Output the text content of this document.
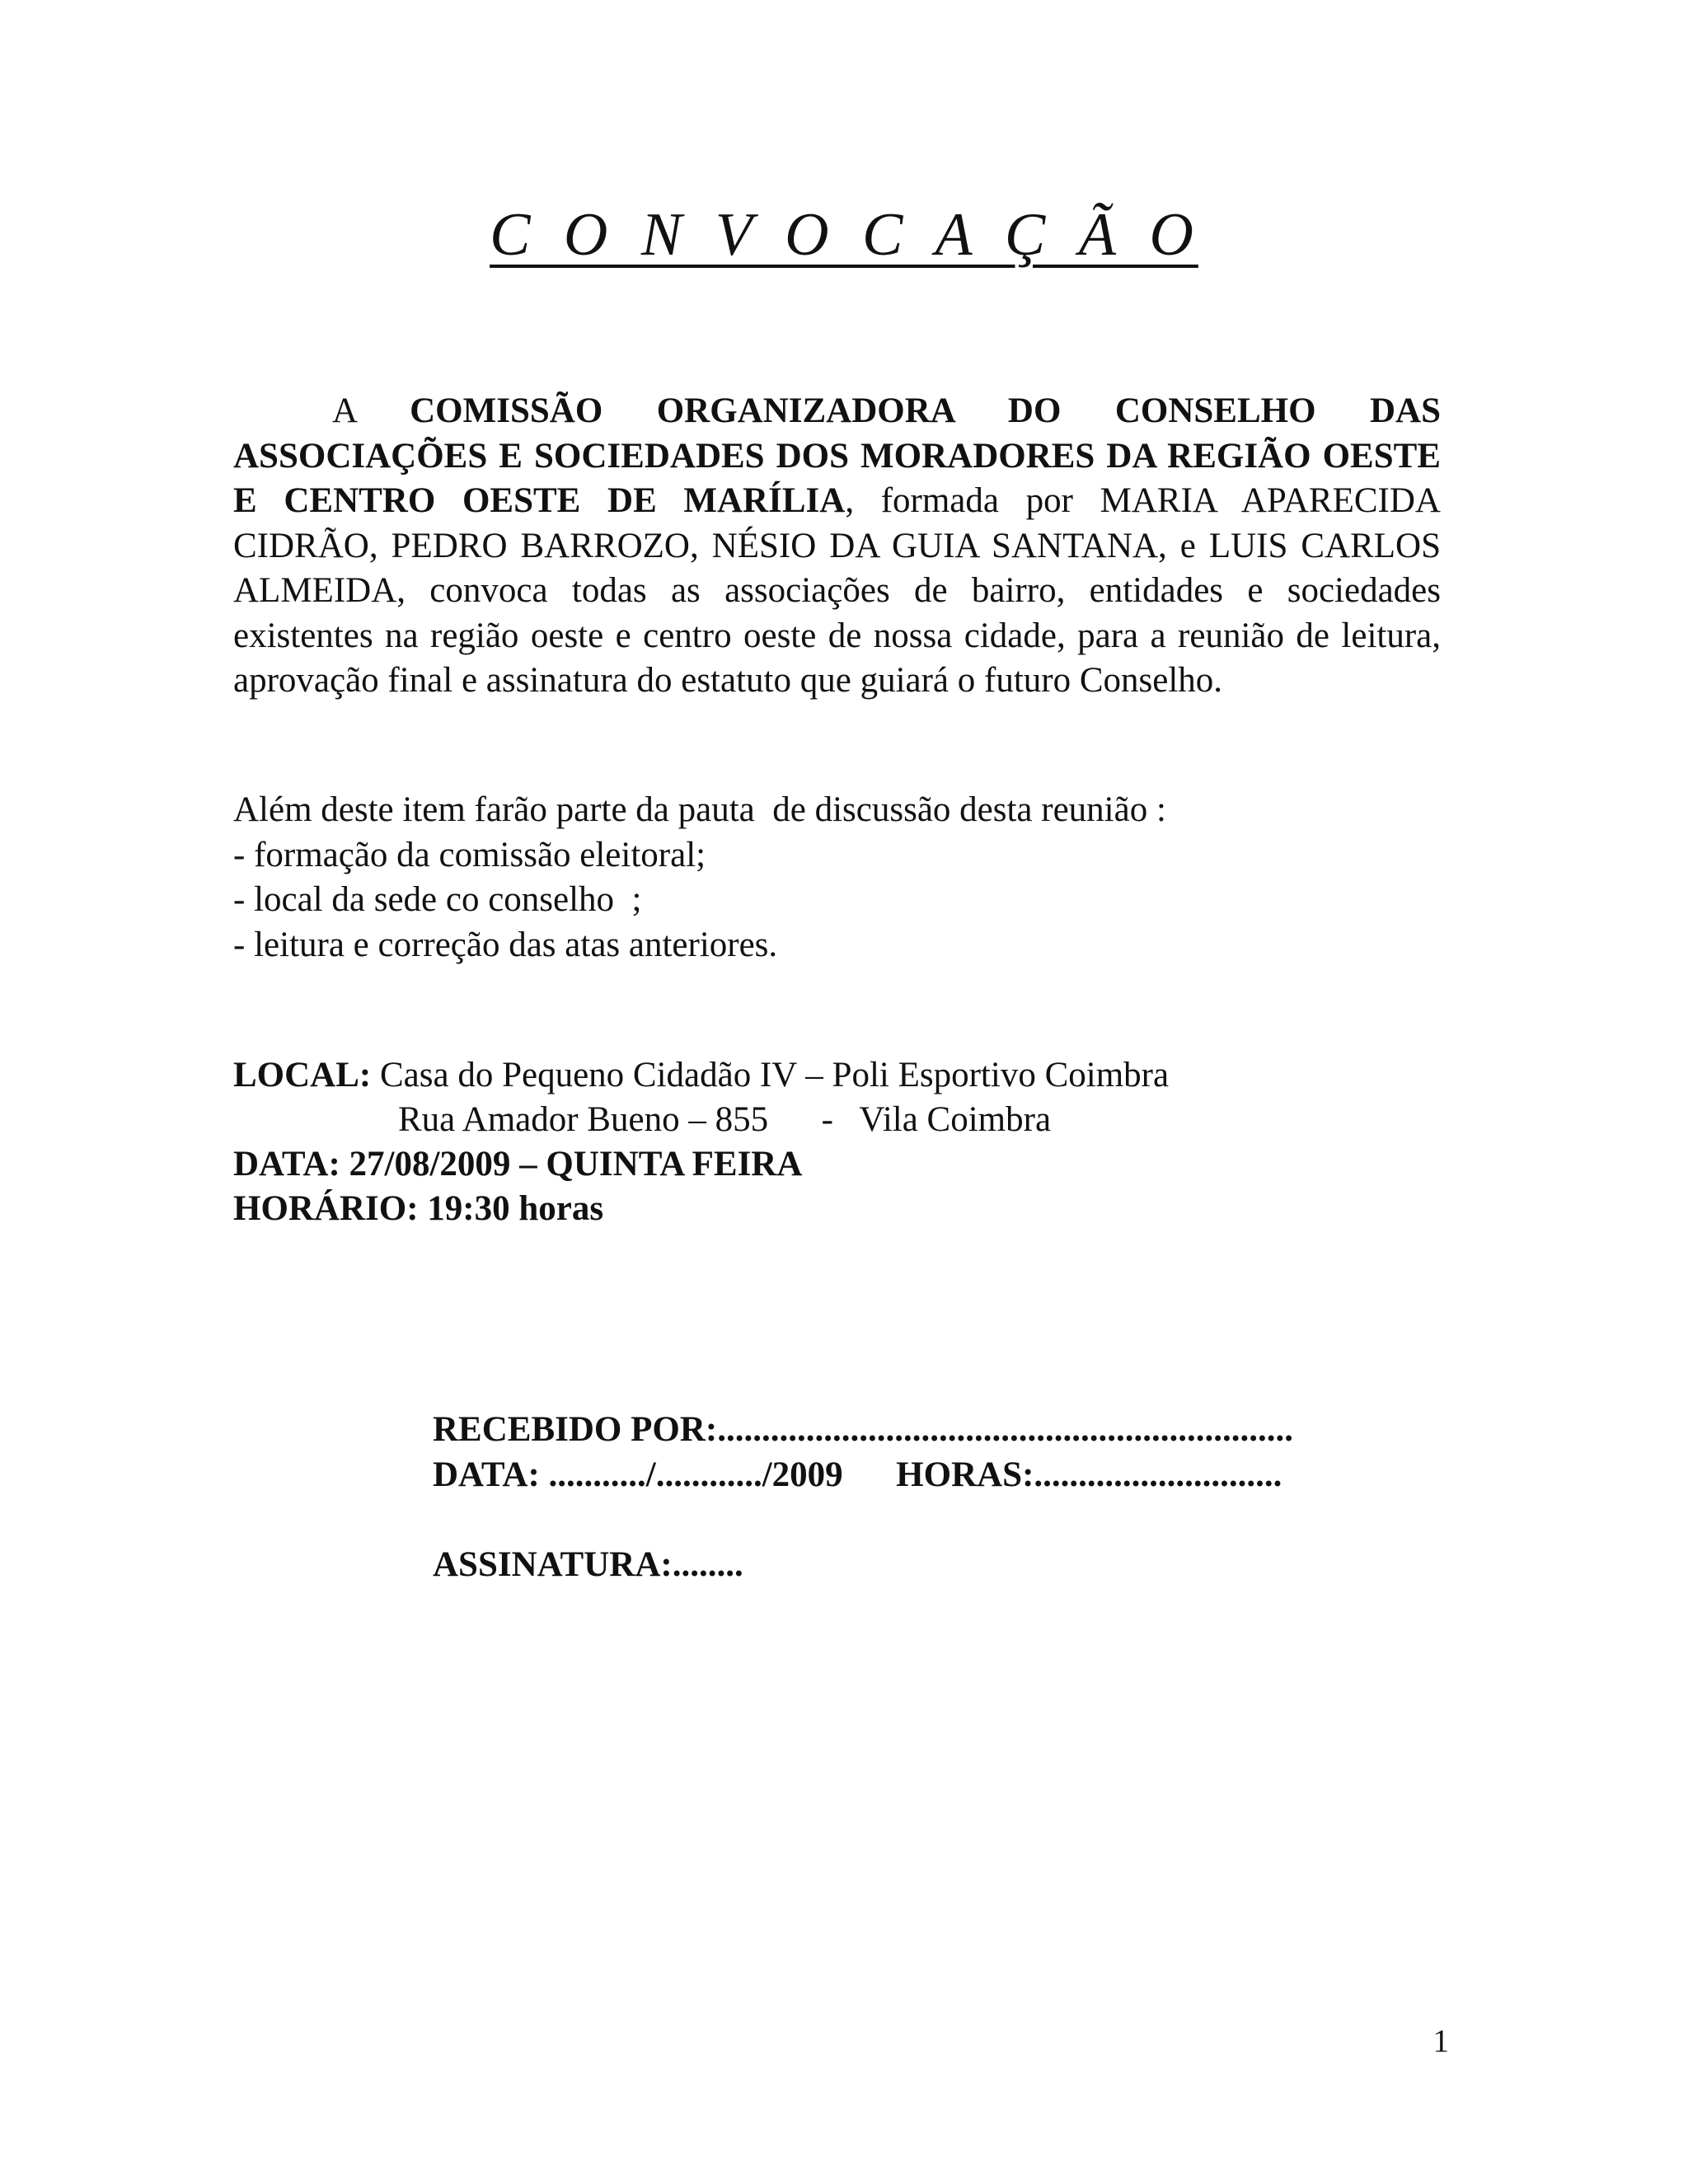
C O N V O C A Ç Ã O

A COMISSÃO ORGANIZADORA DO CONSELHO DAS ASSOCIAÇÕES E SOCIEDADES DOS MORADORES DA REGIÃO OESTE E CENTRO OESTE DE MARÍLIA, formada por MARIA APARECIDA CIDRÃO, PEDRO BARROZO, NÉSIO DA GUIA SANTANA, e LUIS CARLOS ALMEIDA, convoca todas as associações de bairro, entidades e sociedades existentes na região oeste e centro oeste de nossa cidade, para a reunião de leitura, aprovação final e assinatura do estatuto que guiará o futuro Conselho.

Além deste item farão parte da pauta  de discussão desta reunião :
- formação da comissão eleitoral;
- local da sede co conselho  ;
- leitura e correção das atas anteriores.
LOCAL: Casa do Pequeno Cidadão IV – Poli Esportivo Coimbra
Rua Amador Bueno – 855      -   Vila Coimbra
DATA: 27/08/2009 – QUINTA FEIRA
HORÁRIO: 19:30 horas
RECEBIDO POR:.................................................................
DATA: .........../............/2009      HORAS:............................
ASSINATURA:........
1
